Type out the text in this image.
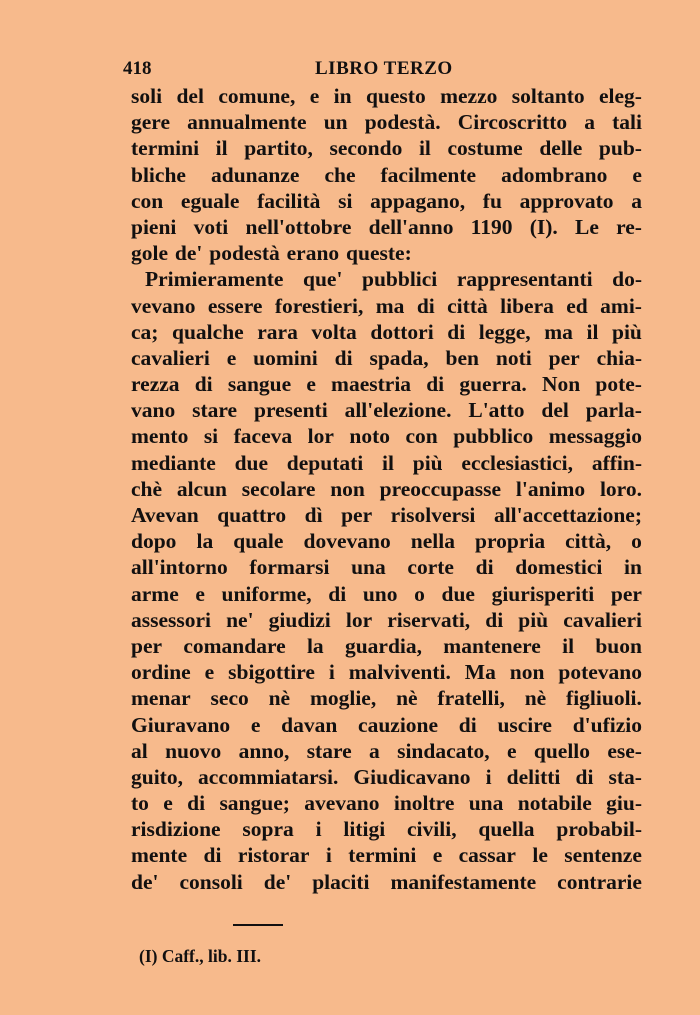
418	LIBRO TERZO
soli del comune, e in questo mezzo soltanto eleg-
gere annualmente un podestà. Circoscritto a tali
termini il partito, secondo il costume delle pub-
bliche adunanze che facilmente adombrano e
con eguale facilità si appagano, fu approvato a
pieni voti nell'ottobre dell'anno 1190 (I). Le re-
gole de' podestà erano queste:
Primieramente que' pubblici rappresentanti do-
vevano essere forestieri, ma di città libera ed ami-
ca; qualche rara volta dottori di legge, ma il più
cavalieri e uomini di spada, ben noti per chia-
rezza di sangue e maestria di guerra. Non pote-
vano stare presenti all'elezione. L'atto del parla-
mento si faceva lor noto con pubblico messaggio
mediante due deputati il più ecclesiastici, affin-
chè alcun secolare non preoccupasse l'animo loro.
Avevan quattro dì per risolversi all'accettazione;
dopo la quale dovevano nella propria città, o
all'intorno formarsi una corte di domestici in
arme e uniforme, di uno o due giurisperiti per
assessori ne' giudizi lor riservati, di più cavalieri
per comandare la guardia, mantenere il buon
ordine e sbigottire i malviventi. Ma non potevano
menar seco nè moglie, nè fratelli, nè figliuoli.
Giuravano e davan cauzione di uscire d'ufizio
al nuovo anno, stare a sindacato, e quello ese-
guito, accommiatarsi. Giudicavano i delitti di sta-
to e di sangue; avevano inoltre una notabile giu-
risdizione sopra i litigi civili, quella probabil-
mente di ristorar i termini e cassar le sentenze
de' consoli de' placiti manifestamente contrarie
(I) Caff., lib. III.
